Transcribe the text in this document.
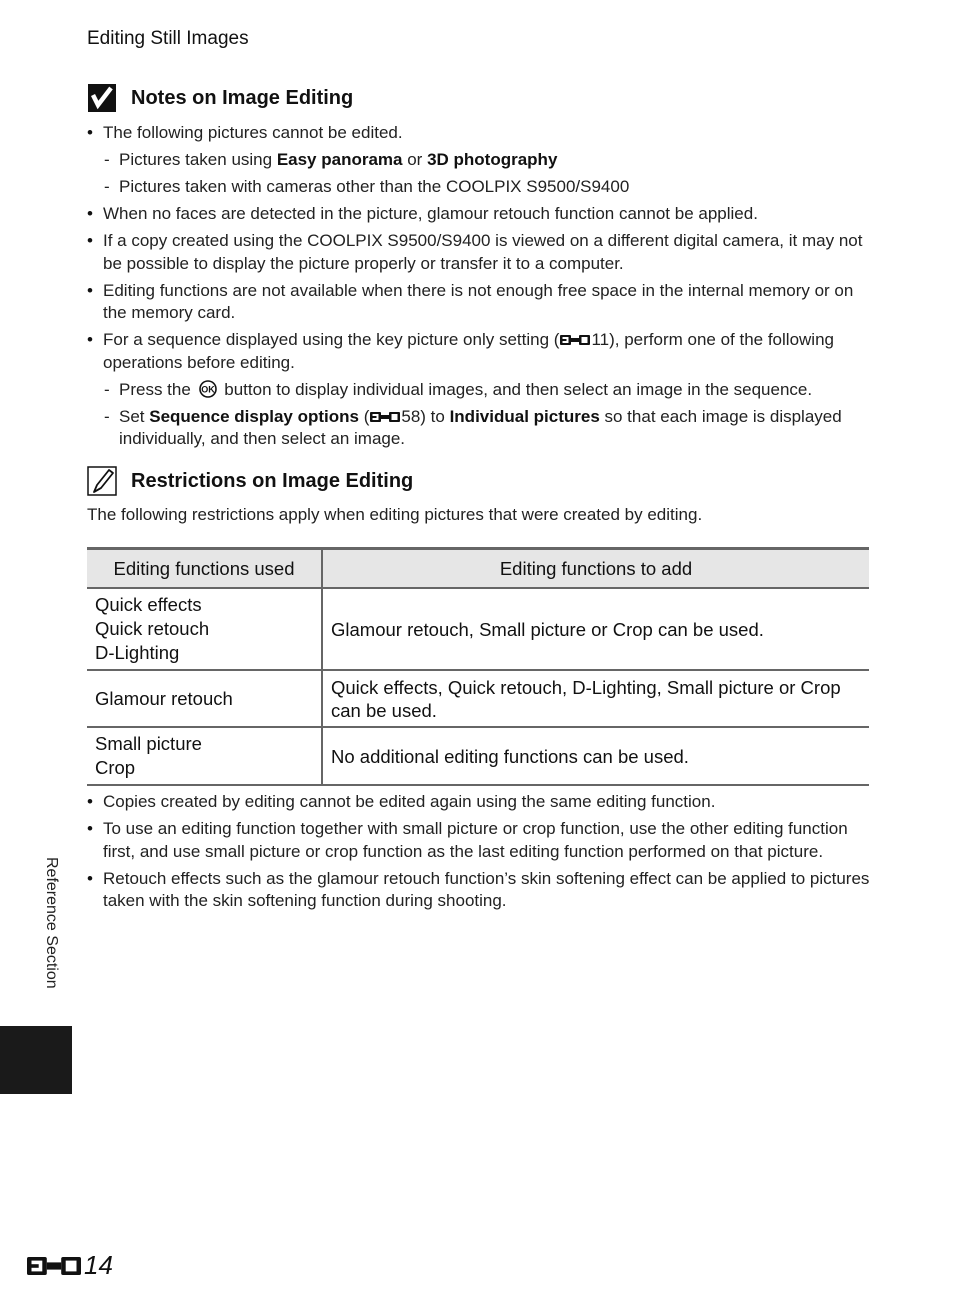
Editing Still Images
Notes on Image Editing
• The following pictures cannot be edited.
- Pictures taken using Easy panorama or 3D photography
- Pictures taken with cameras other than the COOLPIX S9500/S9400
• When no faces are detected in the picture, glamour retouch function cannot be applied.
• If a copy created using the COOLPIX S9500/S9400 is viewed on a different digital camera, it may not be possible to display the picture properly or transfer it to a computer.
• Editing functions are not available when there is not enough free space in the internal memory or on the memory card.
• For a sequence displayed using the key picture only setting ( 11), perform one of the following operations before editing.
- Press the OK button to display individual images, and then select an image in the sequence.
- Set Sequence display options ( 58) to Individual pictures so that each image is displayed individually, and then select an image.
Restrictions on Image Editing
The following restrictions apply when editing pictures that were created by editing.
Editing functions used	Editing functions to add

Quick effects
Quick retouch
D-Lighting	Glamour retouch, Small picture or Crop can be used.

Glamour retouch	Quick effects, Quick retouch, D-Lighting, Small picture or Crop can be used.

Small picture
Crop	No additional editing functions can be used.
• Copies created by editing cannot be edited again using the same editing function.
• To use an editing function together with small picture or crop function, use the other editing function first, and use small picture or crop function as the last editing function performed on that picture.
• Retouch effects such as the glamour retouch function’s skin softening effect can be applied to pictures taken with the skin softening function during shooting.
Reference Section
14
